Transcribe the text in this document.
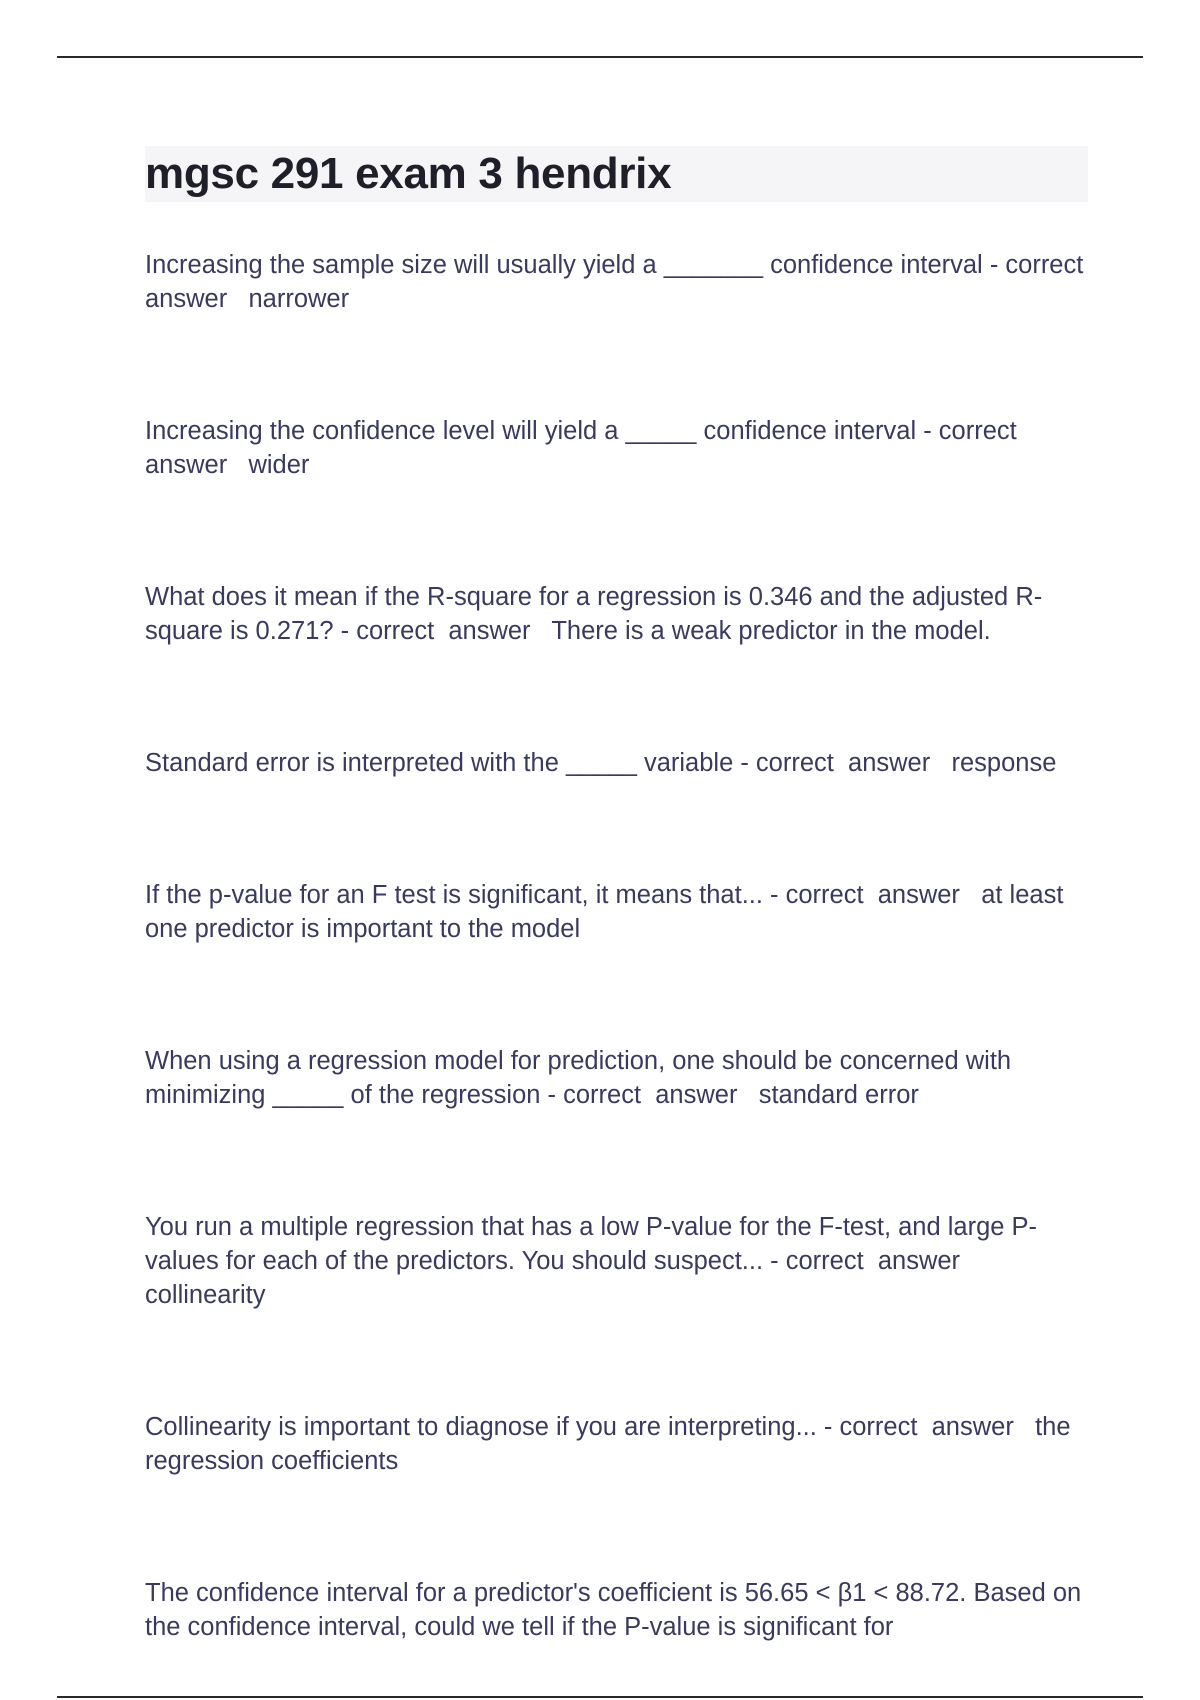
mgsc 291 exam 3 hendrix
Increasing the sample size will usually yield a _______ confidence interval - correct  answer   narrower
Increasing the confidence level will yield a _____ confidence interval - correct  answer   wider
What does it mean if the R-square for a regression is 0.346 and the adjusted R-square is 0.271? - correct  answer   There is a weak predictor in the model.
Standard error is interpreted with the _____ variable - correct  answer   response
If the p-value for an F test is significant, it means that... - correct  answer   at least one predictor is important to the model
When using a regression model for prediction, one should be concerned with minimizing _____ of the regression - correct  answer   standard error
You run a multiple regression that has a low P-value for the F-test, and large P-values for each of the predictors. You should suspect... - correct  answer   collinearity
Collinearity is important to diagnose if you are interpreting... - correct  answer   the regression coefficients
The confidence interval for a predictor's coefficient is 56.65 < β1 < 88.72. Based on the confidence interval, could we tell if the P-value is significant for
